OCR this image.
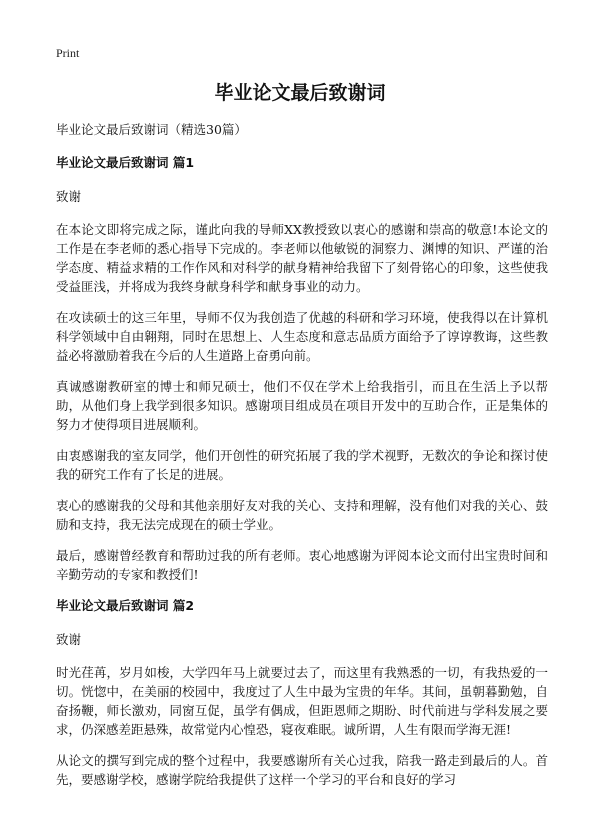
Print
毕业论文最后致谢词

毕业论文最后致谢词（精选30篇）

毕业论文最后致谢词 篇1

致谢

在本论文即将完成之际，谨此向我的导师XX教授致以衷心的感谢和崇高的敬意!本论文的工作是在李老师的悉心指导下完成的。李老师以他敏锐的洞察力、渊博的知识、严谨的治学态度、精益求精的工作作风和对科学的献身精神给我留下了刻骨铭心的印象，这些使我受益匪浅，并将成为我终身献身科学和献身事业的动力。

在攻读硕士的这三年里，导师不仅为我创造了优越的科研和学习环境，使我得以在计算机科学领域中自由翱翔，同时在思想上、人生态度和意志品质方面给予了谆谆教诲，这些教益必将激励着我在今后的人生道路上奋勇向前。

真诚感谢教研室的博士和师兄硕士，他们不仅在学术上给我指引，而且在生活上予以帮助，从他们身上我学到很多知识。感谢项目组成员在项目开发中的互助合作，正是集体的努力才使得项目进展顺利。

由衷感谢我的室友同学，他们开创性的研究拓展了我的学术视野，无数次的争论和探讨使我的研究工作有了长足的进展。

衷心的感谢我的父母和其他亲朋好友对我的关心、支持和理解，没有他们对我的关心、鼓励和支持，我无法完成现在的硕士学业。

最后，感谢曾经教育和帮助过我的所有老师。衷心地感谢为评阅本论文而付出宝贵时间和辛勤劳动的专家和教授们!

毕业论文最后致谢词 篇2

致谢

时光荏苒，岁月如梭，大学四年马上就要过去了，而这里有我熟悉的一切，有我热爱的一切。恍惚中，在美丽的校园中，我度过了人生中最为宝贵的年华。其间，虽朝暮勤勉，自奋扬鞭，师长激劝，同窗互促，虽学有偶成，但距恩师之期盼、时代前进与学科发展之要求，仍深感差距悬殊，故常觉内心惶恐，寝夜难眠。诚所谓，人生有限而学海无涯!

从论文的撰写到完成的整个过程中，我要感谢所有关心过我，陪我一路走到最后的人。首先，要感谢学校，感谢学院给我提供了这样一个学习的平台和良好的学习
